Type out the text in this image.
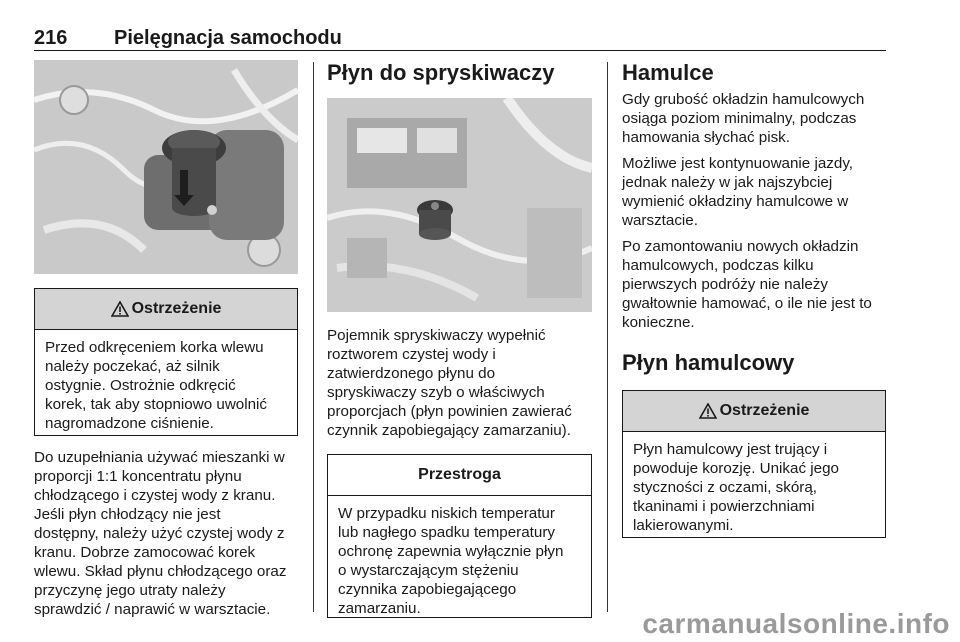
216 Pielęgnacja samochodu
Ostrzeżenie

Przed odkręceniem korka wlewu

należy poczekać, aż silnik

ostygnie. Ostrożnie odkręcić

korek, tak aby stopniowo uwolnić

nagromadzone ciśnienie.

Do uzupełniania używać mieszanki w

proporcji 1:1 koncentratu płynu

chłodzącego i czystej wody z kranu.

Jeśli płyn chłodzący nie jest

dostępny, należy użyć czystej wody z

kranu. Dobrze zamocować korek

wlewu. Skład płynu chłodzącego oraz

przyczynę jego utraty należy

sprawdzić / naprawić w warsztacie.

Płyn do spryskiwaczy

Pojemnik spryskiwaczy wypełnić

roztworem czystej wody i

zatwierdzonego płynu do

spryskiwaczy szyb o właściwych

proporcjach (płyn powinien zawierać

czynnik zapobiegający zamarzaniu).

Przestroga

W przypadku niskich temperatur

lub nagłego spadku temperatury

ochronę zapewnia wyłącznie płyn

o wystarczającym stężeniu

czynnika zapobiegającego

zamarzaniu.

Hamulce

Gdy grubość okładzin hamulcowych

osiąga poziom minimalny, podczas

hamowania słychać pisk.

Możliwe jest kontynuowanie jazdy,

jednak należy w jak najszybciej

wymienić okładziny hamulcowe w

warsztacie.

Po zamontowaniu nowych okładzin

hamulcowych, podczas kilku

pierwszych podróży nie należy

gwałtownie hamować, o ile nie jest to

konieczne.

Płyn hamulcowy
Ostrzeżenie

Płyn hamulcowy jest trujący i

powoduje korozję. Unikać jego

styczności z oczami, skórą,

tkaninami i powierzchniami

lakierowanymi.

carmanualsonline.info
